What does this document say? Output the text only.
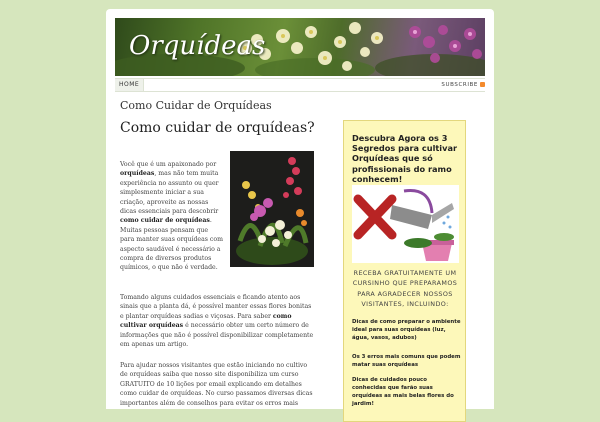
Orquídeas
HOME	SUBSCRIBE
Como Cuidar de Orquídeas
Como cuidar de orquídeas?
Você que é um apaixonado por orquídeas, mas não tem muita experiência no assunto ou quer simplesmente iniciar a sua criação, aproveite as nossas dicas essenciais para descobrir como cuidar de orquídeas. Muitas pessoas pensam que para manter suas orquídeas com aspecto saudável é necessário a compra de diversos produtos químicos, o que não é verdade.
Tomando alguns cuidados essenciais e ficando atento aos sinais que a planta dá, é possível manter essas flores bonitas e plantar orquídeas sadias e viçosas. Para saber como cultivar orquídeas é necessário obter um certo número de informações que não é possível disponibilizar completamente em apenas um artigo.
Para ajudar nossos visitantes que estão iniciando no cultivo de orquídeas saiba que nosso site disponibiliza um curso GRATUITO de 10 lições por email explicando em detalhes como cuidar de orquídeas. No curso passamos diversas dicas importantes além de conselhos para evitar os erros mais
Descubra Agora os 3 Segredos para cultivar Orquídeas que só profissionais do ramo conhecem!
RECEBA GRATUITAMENTE UM CURSINHO QUE PREPARAMOS PARA AGRADECER NOSSOS VISITANTES, INCLUINDO:
Dicas de como preparar o ambiente ideal para suas orquídeas (luz, água, vasos, adubos)
Os 3 erros mais comuns que podem matar suas orquídeas
Dicas de cuidados pouco conhecidas que farão suas orquídeas as mais belas flores do jardim!
